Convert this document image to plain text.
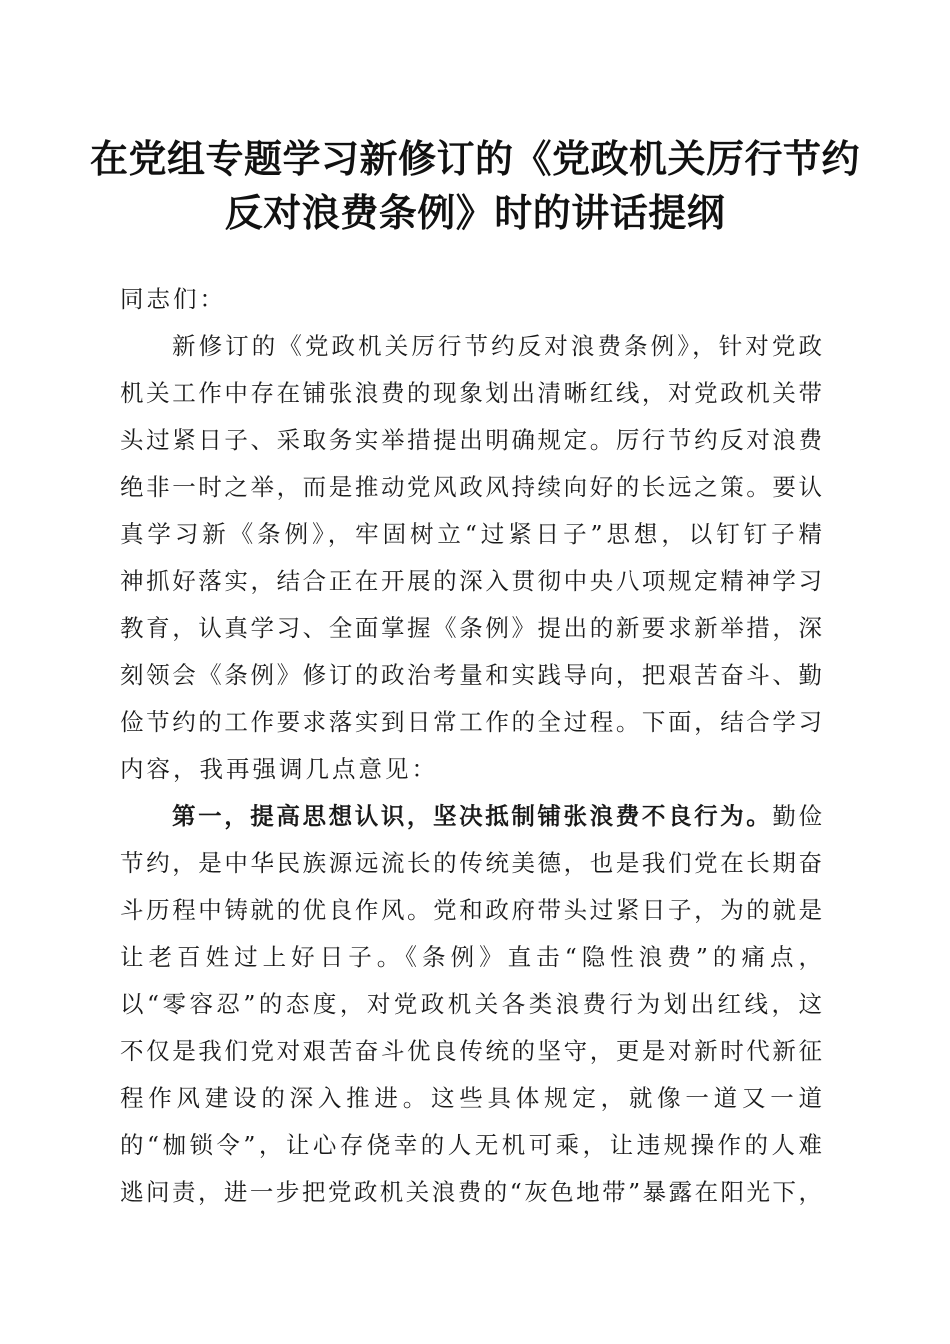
在党组专题学习新修订的《党政机关厉行节约
反对浪费条例》时的讲话提纲
同志们：
新修订的《党政机关厉行节约反对浪费条例》，针对党政
机关工作中存在铺张浪费的现象划出清晰红线，对党政机关带
头过紧日子、采取务实举措提出明确规定。厉行节约反对浪费
绝非一时之举，而是推动党风政风持续向好的长远之策。要认
真学习新《条例》，牢固树立“过紧日子”思想，以钉钉子精
神抓好落实，结合正在开展的深入贯彻中央八项规定精神学习
教育，认真学习、全面掌握《条例》提出的新要求新举措，深
刻领会《条例》修订的政治考量和实践导向，把艰苦奋斗、勤
俭节约的工作要求落实到日常工作的全过程。下面，结合学习
内容，我再强调几点意见：
第一，提高思想认识，坚决抵制铺张浪费不良行为。勤俭
节约，是中华民族源远流长的传统美德，也是我们党在长期奋
斗历程中铸就的优良作风。党和政府带头过紧日子，为的就是
让老百姓过上好日子。《条例》直击“隐性浪费”的痛点，
以“零容忍”的态度，对党政机关各类浪费行为划出红线，这
不仅是我们党对艰苦奋斗优良传统的坚守，更是对新时代新征
程作风建设的深入推进。这些具体规定，就像一道又一道
的“枷锁令”，让心存侥幸的人无机可乘，让违规操作的人难
逃问责，进一步把党政机关浪费的“灰色地带”暴露在阳光下，
